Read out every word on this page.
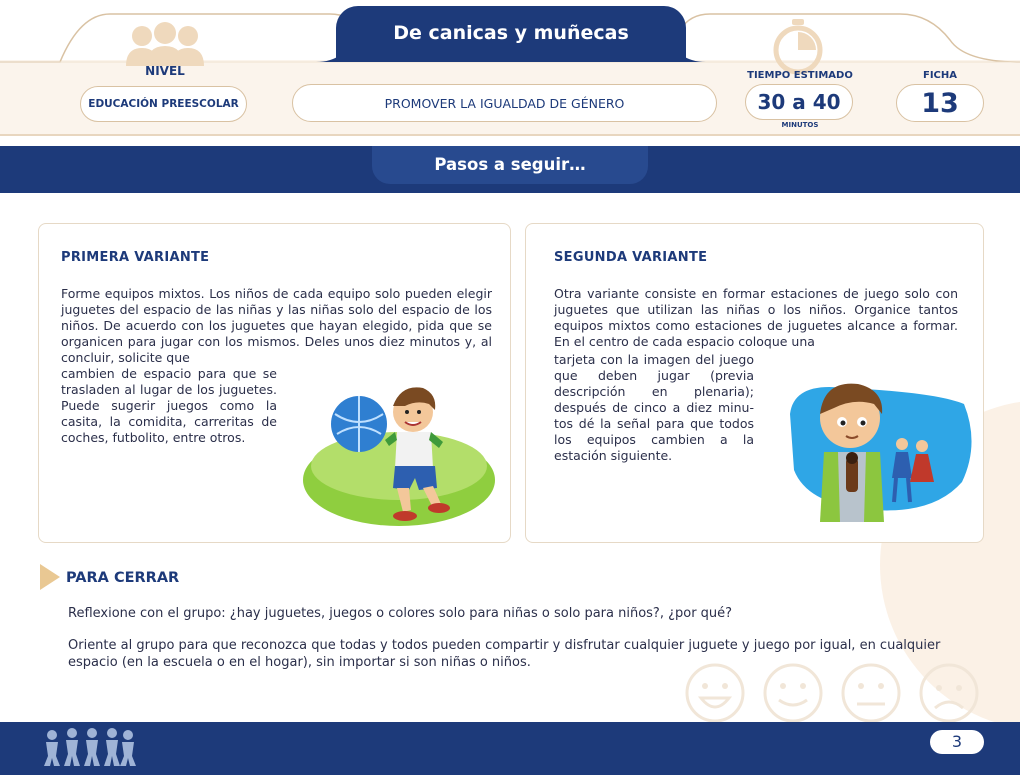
De canicas y muñecas
NIVEL
EDUCACIÓN PREESCOLAR	PROMOVER LA IGUALDAD DE GÉNERO
TIEMPO ESTIMADO
30 a 40
MINUTOS
FICHA
13
Pasos a seguir…
PRIMERA VARIANTE
Forme equipos mixtos. Los niños de cada equipo solo pueden elegir juguetes del espacio de las niñas y las niñas solo del espacio de los niños. De acuerdo con los juguetes que hayan elegido, pida que se organicen para jugar con los mismos. Deles unos diez minutos y, al concluir, solicite que
cambien de espacio para que se trasladen al lugar de los juguetes. Puede sugerir juegos como la casita, la comidita, carreritas de coches, futbolito, entre otros.
SEGUNDA VARIANTE
Otra variante consiste en formar estaciones de juego solo con juguetes que utilizan las niñas o los niños. Organice tantos equipos mixtos como estaciones de juguetes alcance a formar. En el centro de cada espacio coloque una
tarjeta con la imagen del juego que deben jugar (previa descripción en plenaria); después de cinco a diez minutos dé la señal para que todos los equipos cambien a la estación siguiente.
PARA CERRAR
Reflexione con el grupo: ¿hay juguetes, juegos o colores solo para niñas o solo para niños?, ¿por qué?
Oriente al grupo para que reconozca que todas y todos pueden compartir y disfrutar cualquier juguete y juego por igual, en cualquier espacio (en la escuela o en el hogar), sin importar si son niñas o niños.
3
